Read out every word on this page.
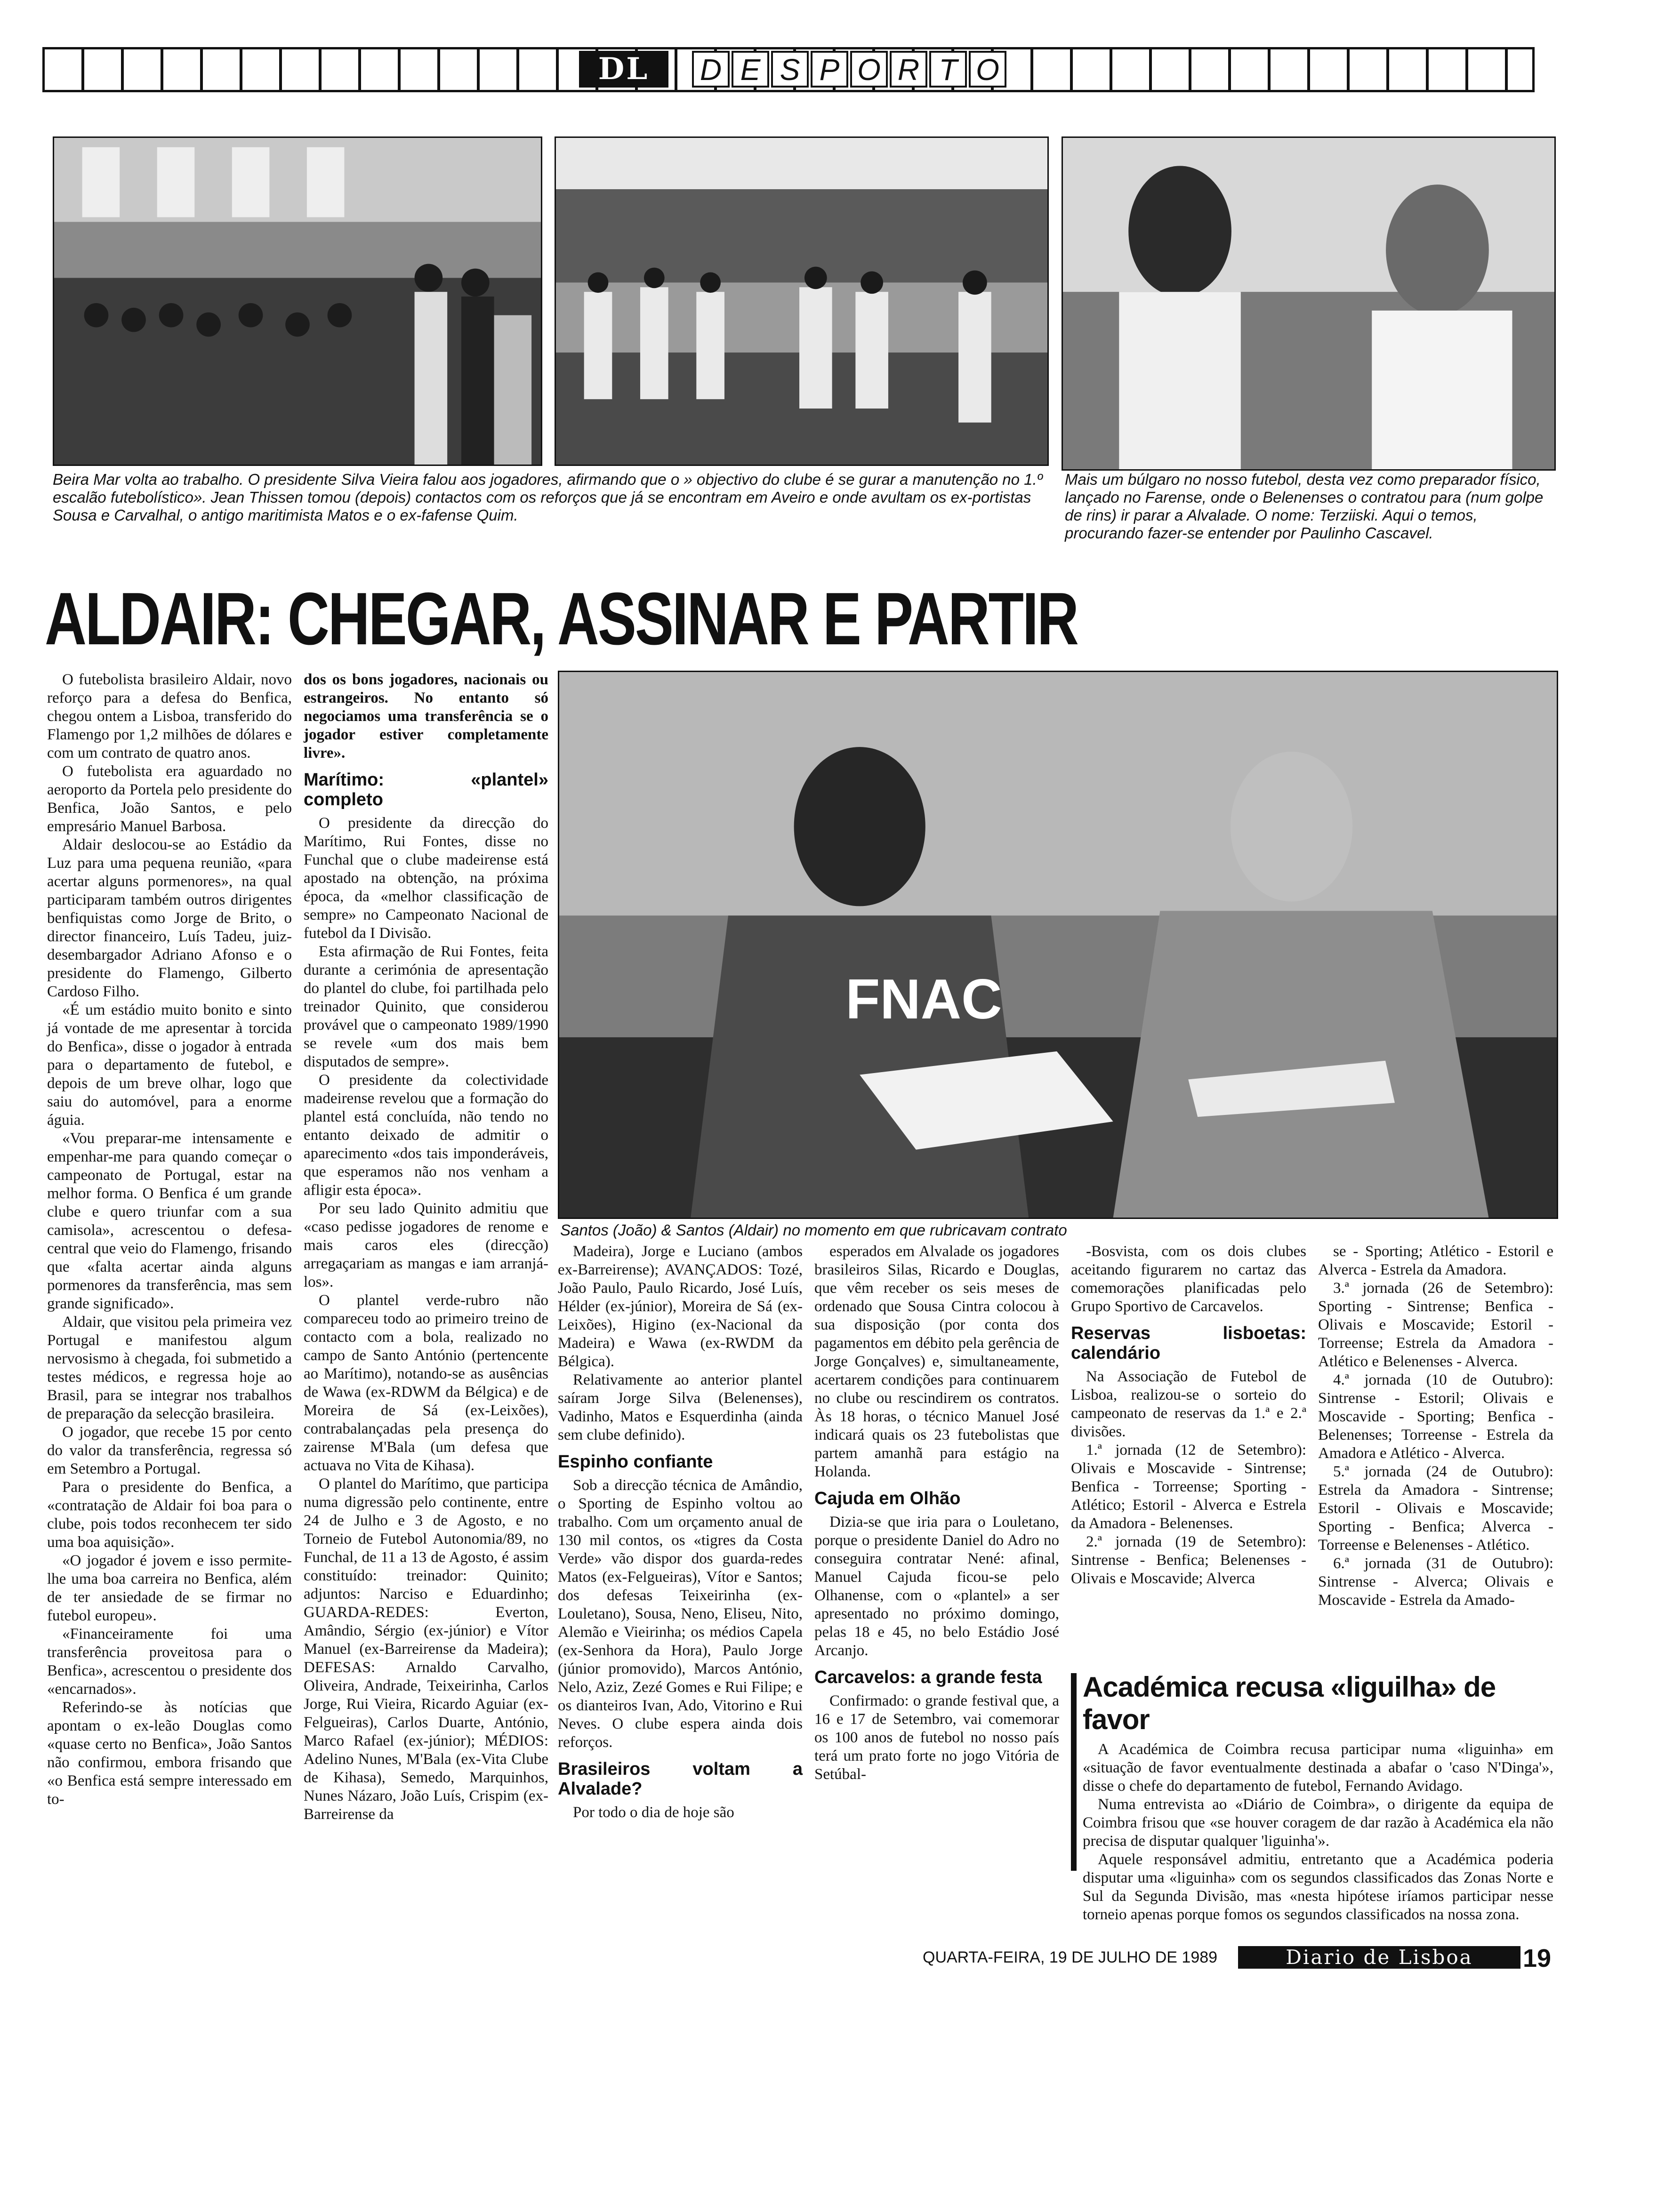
DL	D E S P O R T O
Beira Mar volta ao trabalho. O presidente Silva Vieira falou aos jogadores, afirmando que o » objectivo do clube é se gurar a manutenção no 1.º escalão futebolístico». Jean Thissen tomou (depois) contactos com os reforços que já se encontram em Aveiro e onde avultam os ex-portistas Sousa e Carvalhal, o antigo maritimista Matos e o ex-fafense Quim.
Mais um búlgaro no nosso futebol, desta vez como preparador físico, lançado no Farense, onde o Belenenses o contratou para (num golpe de rins) ir parar a Alvalade. O nome: Terziiski. Aqui o temos, procurando fazer-se entender por Paulinho Cascavel.
ALDAIR: CHEGAR, ASSINAR E PARTIR
FNAC
Santos (João) & Santos (Aldair) no momento em que rubricavam contrato

O futebolista brasileiro Aldair, novo reforço para a defesa do Benfica, chegou ontem a Lisboa, transferido do Flamengo por 1,2 milhões de dólares e com um contrato de quatro anos.

O futebolista era aguardado no aeroporto da Portela pelo presidente do Benfica, João Santos, e pelo empresário Manuel Barbosa.

Aldair deslocou-se ao Estádio da Luz para uma pequena reunião, «para acertar alguns pormenores», na qual participaram também outros dirigentes benfiquistas como Jorge de Brito, o director financeiro, Luís Tadeu, juiz-desembargador Adriano Afonso e o presidente do Flamengo, Gilberto Cardoso Filho.

«É um estádio muito bonito e sinto já vontade de me apresentar à torcida do Benfica», disse o jogador à entrada para o departamento de futebol, e depois de um breve olhar, logo que saiu do automóvel, para a enorme águia.

«Vou preparar-me intensamente e empenhar-me para quando começar o campeonato de Portugal, estar na melhor forma. O Benfica é um grande clube e quero triunfar com a sua camisola», acrescentou o defesa-central que veio do Flamengo, frisando que «falta acertar ainda alguns pormenores da transferência, mas sem grande significado».

Aldair, que visitou pela primeira vez Portugal e manifestou algum nervosismo à chegada, foi submetido a testes médicos, e regressa hoje ao Brasil, para se integrar nos trabalhos de preparação da selecção brasileira.

O jogador, que recebe 15 por cento do valor da transferência, regressa só em Setembro a Portugal.

Para o presidente do Benfica, a «contratação de Aldair foi boa para o clube, pois todos reconhecem ter sido uma boa aquisição».

«O jogador é jovem e isso permite-lhe uma boa carreira no Benfica, além de ter ansiedade de se firmar no futebol europeu».

«Financeiramente foi uma transferência proveitosa para o Benfica», acrescentou o presidente dos «encarnados».

Referindo-se às notícias que apontam o ex-leão Douglas como «quase certo no Benfica», João Santos não confirmou, embora frisando que «o Benfica está sempre interessado em to-

dos os bons jogadores, nacionais ou estrangeiros. No entanto só negociamos uma transferência se o jogador estiver completamente livre».

Marítimo: «plantel» completo

O presidente da direcção do Marítimo, Rui Fontes, disse no Funchal que o clube madeirense está apostado na obtenção, na próxima época, da «melhor classificação de sempre» no Campeonato Nacional de futebol da I Divisão.

Esta afirmação de Rui Fontes, feita durante a cerimónia de apresentação do plantel do clube, foi partilhada pelo treinador Quinito, que considerou provável que o campeonato 1989/1990 se revele «um dos mais bem disputados de sempre».

O presidente da colectividade madeirense revelou que a formação do plantel está concluída, não tendo no entanto deixado de admitir o aparecimento «dos tais imponderáveis, que esperamos não nos venham a afligir esta época».

Por seu lado Quinito admitiu que «caso pedisse jogadores de renome e mais caros eles (direcção) arregaçariam as mangas e iam arranjá-los».

O plantel verde-rubro não compareceu todo ao primeiro treino de contacto com a bola, realizado no campo de Santo António (pertencente ao Marítimo), notando-se as ausências de Wawa (ex-RDWM da Bélgica) e de Moreira de Sá (ex-Leixões), contrabalançadas pela presença do zairense M'Bala (um defesa que actuava no Vita de Kihasa).

O plantel do Marítimo, que participa numa digressão pelo continente, entre 24 de Julho e 3 de Agosto, e no Torneio de Futebol Autonomia/89, no Funchal, de 11 a 13 de Agosto, é assim constituído: treinador: Quinito; adjuntos: Narciso e Eduardinho; GUARDA-REDES: Everton, Amândio, Sérgio (ex-júnior) e Vítor Manuel (ex-Barreirense da Madeira); DEFESAS: Arnaldo Carvalho, Oliveira, Andrade, Teixeirinha, Carlos Jorge, Rui Vieira, Ricardo Aguiar (ex-Felgueiras), Carlos Duarte, António, Marco Rafael (ex-júnior); MÉDIOS: Adelino Nunes, M'Bala (ex-Vita Clube de Kihasa), Semedo, Marquinhos, Nunes Názaro, João Luís, Crispim (ex-Barreirense da

Madeira), Jorge e Luciano (ambos ex-Barreirense); AVANÇADOS: Tozé, João Paulo, Paulo Ricardo, José Luís, Hélder (ex-júnior), Moreira de Sá (ex-Leixões), Higino (ex-Nacional da Madeira) e Wawa (ex-RWDM da Bélgica).

Relativamente ao anterior plantel saíram Jorge Silva (Belenenses), Vadinho, Matos e Esquerdinha (ainda sem clube definido).

Espinho confiante

Sob a direcção técnica de Amândio, o Sporting de Espinho voltou ao trabalho. Com um orçamento anual de 130 mil contos, os «tigres da Costa Verde» vão dispor dos guarda-redes Matos (ex-Felgueiras), Vítor e Santos; dos defesas Teixeirinha (ex-Louletano), Sousa, Neno, Eliseu, Nito, Alemão e Vieirinha; os médios Capela (ex-Senhora da Hora), Paulo Jorge (júnior promovido), Marcos António, Nelo, Aziz, Zezé Gomes e Rui Filipe; e os dianteiros Ivan, Ado, Vitorino e Rui Neves. O clube espera ainda dois reforços.

Brasileiros voltam a Alvalade?

Por todo o dia de hoje são

esperados em Alvalade os jogadores brasileiros Silas, Ricardo e Douglas, que vêm receber os seis meses de ordenado que Sousa Cintra colocou à sua disposição (por conta dos pagamentos em débito pela gerência de Jorge Gonçalves) e, simultaneamente, acertarem condições para continuarem no clube ou rescindirem os contratos. Às 18 horas, o técnico Manuel José indicará quais os 23 futebolistas que partem amanhã para estágio na Holanda.

Cajuda em Olhão

Dizia-se que iria para o Louletano, porque o presidente Daniel do Adro no conseguira contratar Nené: afinal, Manuel Cajuda ficou-se pelo Olhanense, com o «plantel» a ser apresentado no próximo domingo, pelas 18 e 45, no belo Estádio José Arcanjo.

Carcavelos: a grande festa

Confirmado: o grande festival que, a 16 e 17 de Setembro, vai comemorar os 100 anos de futebol no nosso país terá um prato forte no jogo Vitória de Setúbal-

-Bosvista, com os dois clubes aceitando figurarem no cartaz das comemorações planificadas pelo Grupo Sportivo de Carcavelos.

Reservas lisboetas: calendário

Na Associação de Futebol de Lisboa, realizou-se o sorteio do campeonato de reservas da 1.ª e 2.ª divisões.

1.ª jornada (12 de Setembro): Olivais e Moscavide - Sintrense; Benfica - Torreense; Sporting - Atlético; Estoril - Alverca e Estrela da Amadora - Belenenses.

2.ª jornada (19 de Setembro): Sintrense - Benfica; Belenenses - Olivais e Moscavide; Alverca

se - Sporting; Atlético - Estoril e Alverca - Estrela da Amadora.

3.ª jornada (26 de Setembro): Sporting - Sintrense; Benfica - Olivais e Moscavide; Estoril - Torreense; Estrela da Amadora - Atlético e Belenenses - Alverca.

4.ª jornada (10 de Outubro): Sintrense - Estoril; Olivais e Moscavide - Sporting; Benfica - Belenenses; Torreense - Estrela da Amadora e Atlético - Alverca.

5.ª jornada (24 de Outubro): Estrela da Amadora - Sintrense; Estoril - Olivais e Moscavide; Sporting - Benfica; Alverca - Torreense e Belenenses - Atlético.

6.ª jornada (31 de Outubro): Sintrense - Alverca; Olivais e Moscavide - Estrela da Amado-

Académica recusa «liguilha» de favor

A Académica de Coimbra recusa participar numa «liguinha» em «situação de favor eventualmente destinada a abafar o 'caso N'Dinga'», disse o chefe do departamento de futebol, Fernando Avidago.

Numa entrevista ao «Diário de Coimbra», o dirigente da equipa de Coimbra frisou que «se houver coragem de dar razão à Académica ela não precisa de disputar qualquer 'liguinha'».

Aquele responsável admitiu, entretanto que a Académica poderia disputar uma «liguinha» com os segundos classificados das Zonas Norte e Sul da Segunda Divisão, mas «nesta hipótese iríamos participar nesse torneio apenas porque fomos os segundos classificados na nossa zona.

QUARTA-FEIRA, 19 DE JULHO DE 1989	Diario de Lisboa	19
